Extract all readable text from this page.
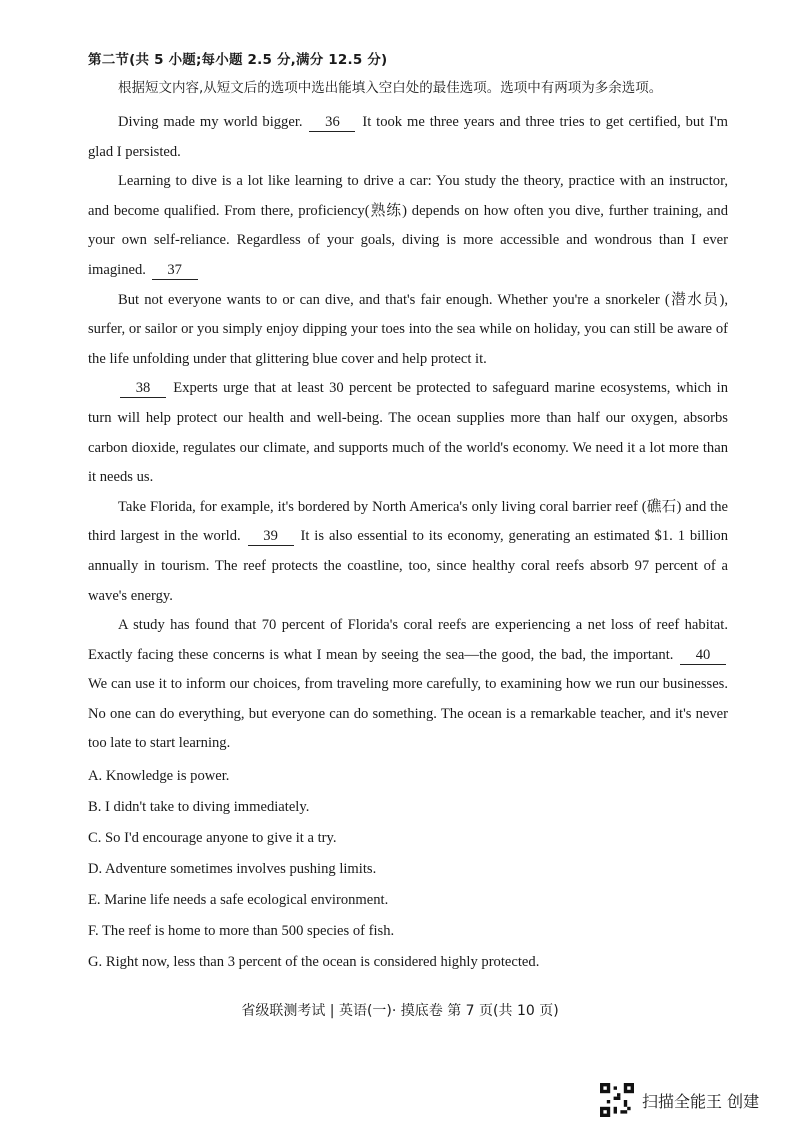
第二节(共 5 小题;每小题 2.5 分,满分 12.5 分)

根据短文内容,从短文后的选项中选出能填入空白处的最佳选项。选项中有两项为多余选项。

Diving made my world bigger. 36 It took me three years and three tries to get certified, but I'm glad I persisted.

Learning to dive is a lot like learning to drive a car: You study the theory, practice with an instructor, and become qualified. From there, proficiency(熟练) depends on how often you dive, further training, and your own self-reliance. Regardless of your goals, diving is more accessible and wondrous than I ever imagined. 37

But not everyone wants to or can dive, and that's fair enough. Whether you're a snorkeler (潜水员), surfer, or sailor or you simply enjoy dipping your toes into the sea while on holiday, you can still be aware of the life unfolding under that glittering blue cover and help protect it.

38 Experts urge that at least 30 percent be protected to safeguard marine ecosystems, which in turn will help protect our health and well-being. The ocean supplies more than half our oxygen, absorbs carbon dioxide, regulates our climate, and supports much of the world's economy. We need it a lot more than it needs us.

Take Florida, for example, it's bordered by North America's only living coral barrier reef (礁石) and the third largest in the world. 39 It is also essential to its economy, generating an estimated $1. 1 billion annually in tourism. The reef protects the coastline, too, since healthy coral reefs absorb 97 percent of a wave's energy.

A study has found that 70 percent of Florida's coral reefs are experiencing a net loss of reef habitat. Exactly facing these concerns is what I mean by seeing the sea—the good, the bad, the important. 40 We can use it to inform our choices, from traveling more carefully, to examining how we run our businesses. No one can do everything, but everyone can do something. The ocean is a remarkable teacher, and it's never too late to start learning.

A. Knowledge is power.

B. I didn't take to diving immediately.

C. So I'd encourage anyone to give it a try.

D. Adventure sometimes involves pushing limits.

E. Marine life needs a safe ecological environment.

F. The reef is home to more than 500 species of fish.

G. Right now, less than 3 percent of the ocean is considered highly protected.

省级联测考试 | 英语(一)· 摸底卷 第 7 页(共 10 页)
扫描全能王 创建
